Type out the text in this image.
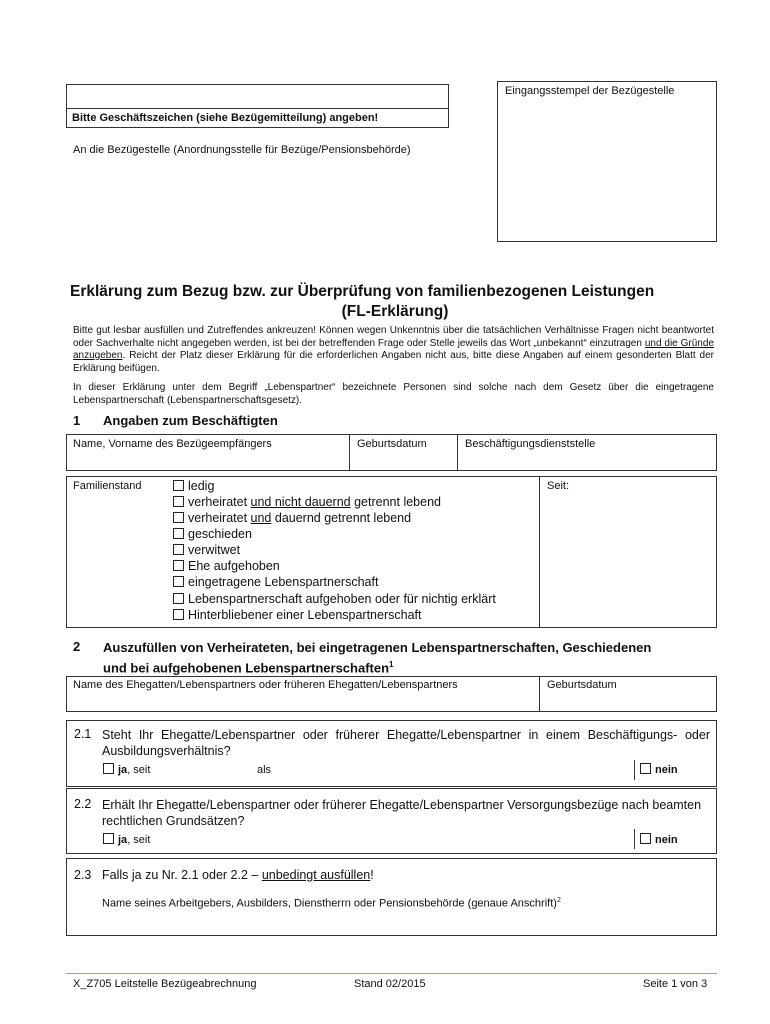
Eingangsstempel der Bezügestelle
Bitte Geschäftszeichen (siehe Bezügemitteilung) angeben!
An die Bezügestelle (Anordnungsstelle für Bezüge/Pensionsbehörde)
Erklärung zum Bezug bzw. zur Überprüfung von familienbezogenen Leistungen
(FL-Erklärung)
Bitte gut lesbar ausfüllen und Zutreffendes ankreuzen! Können wegen Unkenntnis über die tatsächlichen Verhältnisse Fragen nicht beantwortet oder Sachverhalte nicht angegeben werden, ist bei der betreffenden Frage oder Stelle jeweils das Wort „unbekannt“ einzutragen und die Gründe anzugeben. Reicht der Platz dieser Erklärung für die erforderlichen Angaben nicht aus, bitte diese Angaben auf einem gesonderten Blatt der Erklärung beifügen.
In dieser Erklärung unter dem Begriff „Lebenspartner“ bezeichnete Personen sind solche nach dem Gesetz über die eingetragene Lebenspartnerschaft (Lebenspartnerschaftsgesetz).
1 Angaben zum Beschäftigten
Name, Vorname des Bezügeempfängers	Geburtsdatum	Beschäftigungsdienststelle
Familienstand	Seit:
ledig
verheiratet und nicht dauernd getrennt lebend
verheiratet und dauernd getrennt lebend
geschieden
verwitwet
Ehe aufgehoben
eingetragene Lebenspartnerschaft
Lebenspartnerschaft aufgehoben oder für nichtig erklärt
Hinterbliebener einer Lebenspartnerschaft
2 Auszufüllen von Verheirateten, bei eingetragenen Lebenspartnerschaften, Geschiedenen
und bei aufgehobenen Lebenspartnerschaften$^1$
Name des Ehegatten/Lebenspartners oder früheren Ehegatten/Lebenspartners	Geburtsdatum
2.1 Steht Ihr Ehegatte/Lebenspartner oder früherer Ehegatte/Lebenspartner in einem Beschäftigungs- oder Ausbildungsverhältnis?
ja, seit	als	nein
2.2 Erhält Ihr Ehegatte/Lebenspartner oder früherer Ehegatte/Lebenspartner Versorgungsbezüge nach beamten rechtlichen Grundsätzen?
ja, seit	nein
2.3 Falls ja zu Nr. 2.1 oder 2.2 – unbedingt ausfüllen!
Name seines Arbeitgebers, Ausbilders, Dienstherrn oder Pensionsbehörde (genaue Anschrift)$^2$
X_Z705 Leitstelle Bezügeabrechnung	Stand 02/2015	Seite 1 von 3
